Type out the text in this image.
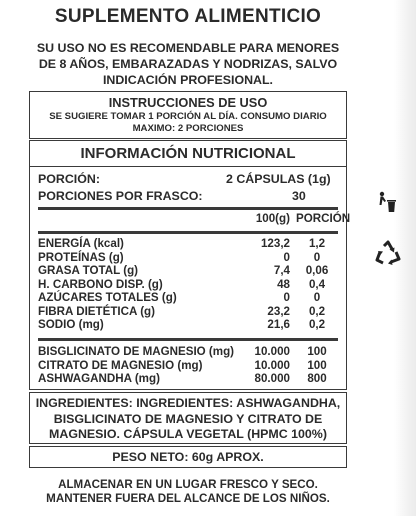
SUPLEMENTO ALIMENTICIO
SU USO NO ES RECOMENDABLE PARA MENORES
DE 8 AÑOS, EMBARAZADAS Y NODRIZAS, SALVO
INDICACIÓN PROFESIONAL.
INSTRUCCIONES DE USO
SE SUGIERE TOMAR 1 PORCIÓN AL DÍA. CONSUMO DIARIO
MAXIMO: 2 PORCIONES
INFORMACIÓN NUTRICIONAL
PORCIÓN:	2 CÁPSULAS (1g)
PORCIONES POR FRASCO:	30
100(g) PORCIÓN
ENERGÍA (kcal)	123,2	1,2
PROTEÍNAS (g)	0	0
GRASA TOTAL (g)	7,4	0,06
H. CARBONO DISP. (g)	48	0,4
AZÚCARES TOTALES (g)	0	0
FIBRA DIETÉTICA (g)	23,2	0,2
SODIO (mg)	21,6	0,2
BISGLICINATO DE MAGNESIO (mg)	10.000	100
CITRATO DE MAGNESIO (mg)	10.000	100
ASHWAGANDHA (mg)	80.000	800
INGREDIENTES: INGREDIENTES: ASHWAGANDHA,
BISGLICINATO DE MAGNESIO Y CITRATO DE
MAGNESIO. CÁPSULA VEGETAL (HPMC 100%)
PESO NETO: 60g APROX.
ALMACENAR EN UN LUGAR FRESCO Y SECO.
MANTENER FUERA DEL ALCANCE DE LOS NIÑOS.
